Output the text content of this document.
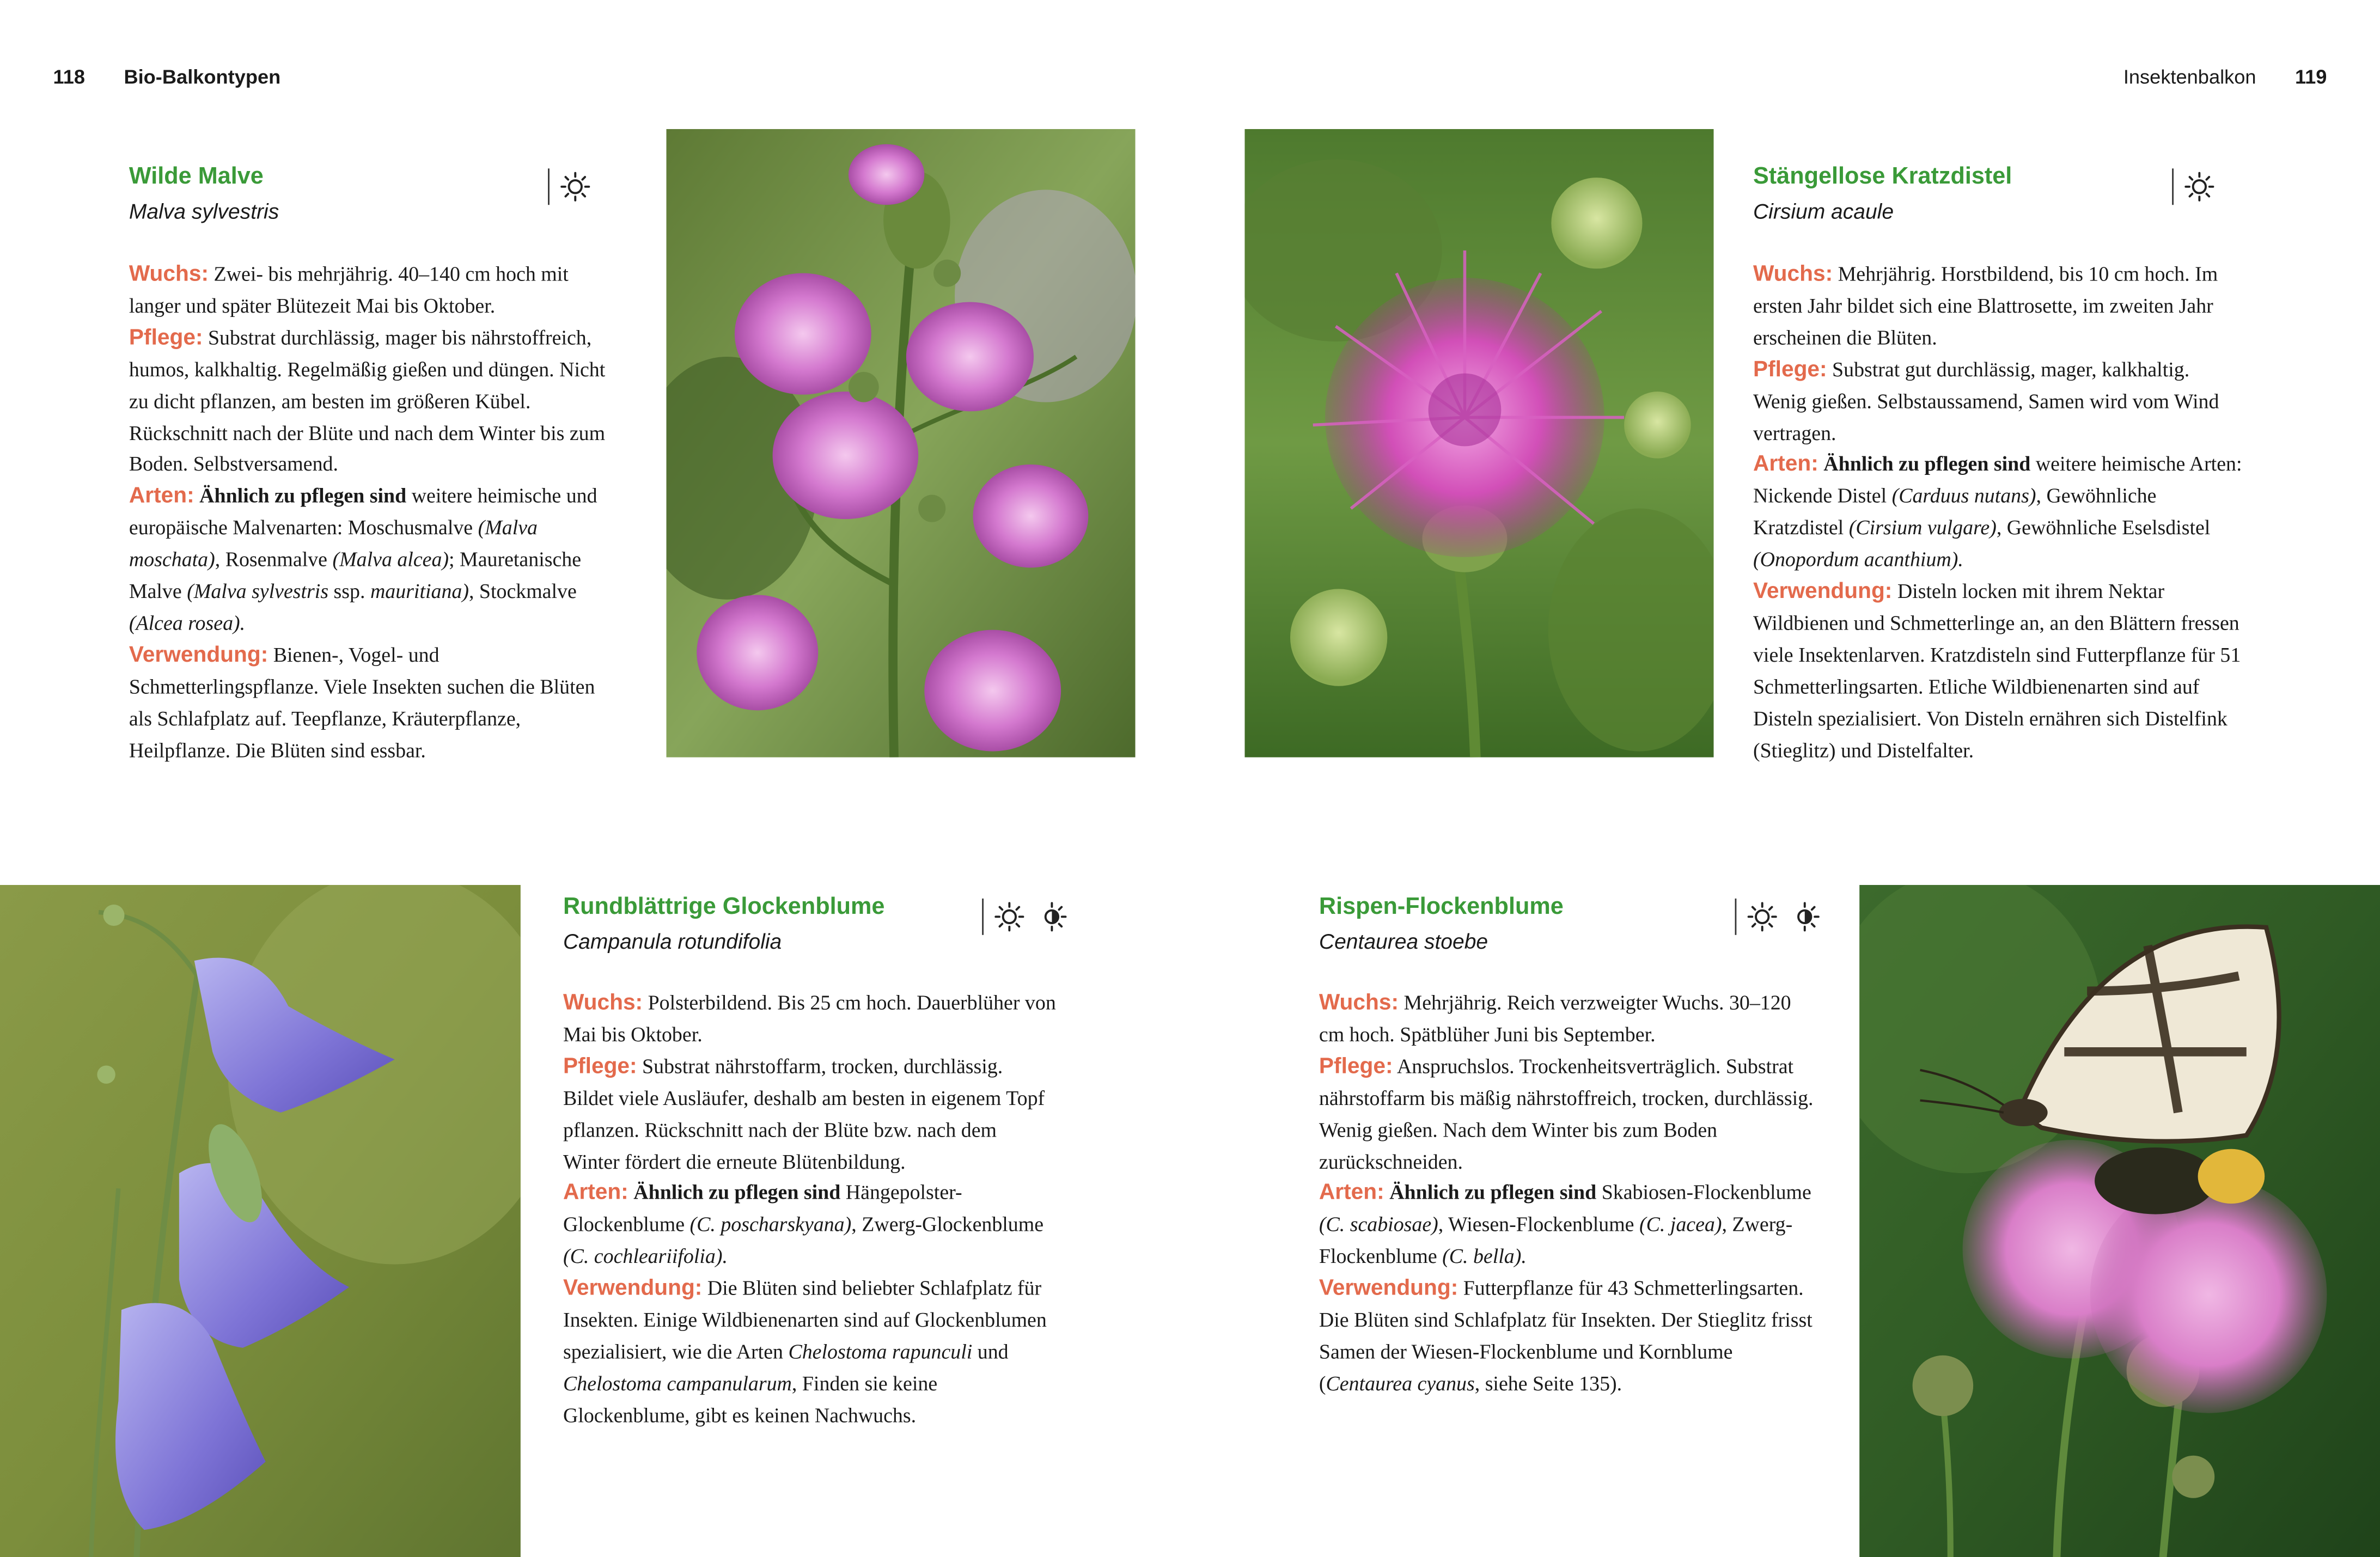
118	Bio-Balkontypen	Insektenbalkon	119
Wilde Malve
Malva sylvestris

Wuchs: Zwei- bis mehrjährig. 40–140 cm hoch mit langer und später Blütezeit Mai bis Oktober.

Pflege: Substrat durchlässig, mager bis nährstoffreich, humos, kalkhaltig. Regelmäßig gießen und düngen. Nicht zu dicht pflanzen, am besten im größeren Kübel. Rückschnitt nach der Blüte und nach dem Winter bis zum Boden. Selbstversamend.

Arten: Ähnlich zu pflegen sind weitere heimische und europäische Malvenarten: Moschusmalve (Malva moschata), Rosenmalve (Malva alcea); Mauretanische Malve (Malva sylvestris ssp. mauritiana), Stockmalve (Alcea rosea).

Verwendung: Bienen-, Vogel- und Schmetterlingspflanze. Viele Insekten suchen die Blüten als Schlafplatz auf. Teepflanze, Kräuterpflanze, Heilpflanze. Die Blüten sind essbar.

Stängellose Kratzdistel
Cirsium acaule

Wuchs: Mehrjährig. Horstbildend, bis 10 cm hoch. Im ersten Jahr bildet sich eine Blattrosette, im zweiten Jahr erscheinen die Blüten.

Pflege: Substrat gut durchlässig, mager, kalkhaltig. Wenig gießen. Selbstaussamend, Samen wird vom Wind vertragen.

Arten: Ähnlich zu pflegen sind weitere heimische Arten: Nickende Distel (Carduus nutans), Gewöhnliche Kratzdistel (Cirsium vulgare), Gewöhnliche Eselsdistel (Onopordum acanthium).

Verwendung: Disteln locken mit ihrem Nektar Wildbienen und Schmetterlinge an, an den Blättern fressen viele Insektenlarven. Kratzdisteln sind Futterpflanze für 51 Schmetterlingsarten. Etliche Wildbienenarten sind auf Disteln spezialisiert. Von Disteln ernähren sich Distelfink (Stieglitz) und Distelfalter.

Rundblättrige Glockenblume
Campanula rotundifolia

Wuchs: Polsterbildend. Bis 25 cm hoch. Dauerblüher von Mai bis Oktober.

Pflege: Substrat nährstoffarm, trocken, durchlässig. Bildet viele Ausläufer, deshalb am besten in eigenem Topf pflanzen. Rückschnitt nach der Blüte bzw. nach dem Winter fördert die erneute Blütenbildung.

Arten: Ähnlich zu pflegen sind Hängepolster-Glockenblume (C. poscharskyana), Zwerg-Glockenblume (C. cochleariifolia).

Verwendung: Die Blüten sind beliebter Schlafplatz für Insekten. Einige Wildbienenarten sind auf Glockenblumen spezialisiert, wie die Arten Chelostoma rapunculi und Chelostoma campanularum, Finden sie keine Glockenblume, gibt es keinen Nachwuchs.

Rispen-Flockenblume
Centaurea stoebe

Wuchs: Mehrjährig. Reich verzweigter Wuchs. 30–120 cm hoch. Spätblüher Juni bis September.

Pflege: Anspruchslos. Trockenheitsverträglich. Substrat nährstoffarm bis mäßig nährstoffreich, trocken, durchlässig. Wenig gießen. Nach dem Winter bis zum Boden zurückschneiden.

Arten: Ähnlich zu pflegen sind Skabiosen-Flockenblume (C. scabiosae), Wiesen-Flockenblume (C. jacea), Zwerg-Flockenblume (C. bella).

Verwendung: Futterpflanze für 43 Schmetterlingsarten. Die Blüten sind Schlafplatz für Insekten. Der Stieglitz frisst Samen der Wiesen-Flockenblume und Kornblume (Centaurea cyanus, siehe Seite 135).
